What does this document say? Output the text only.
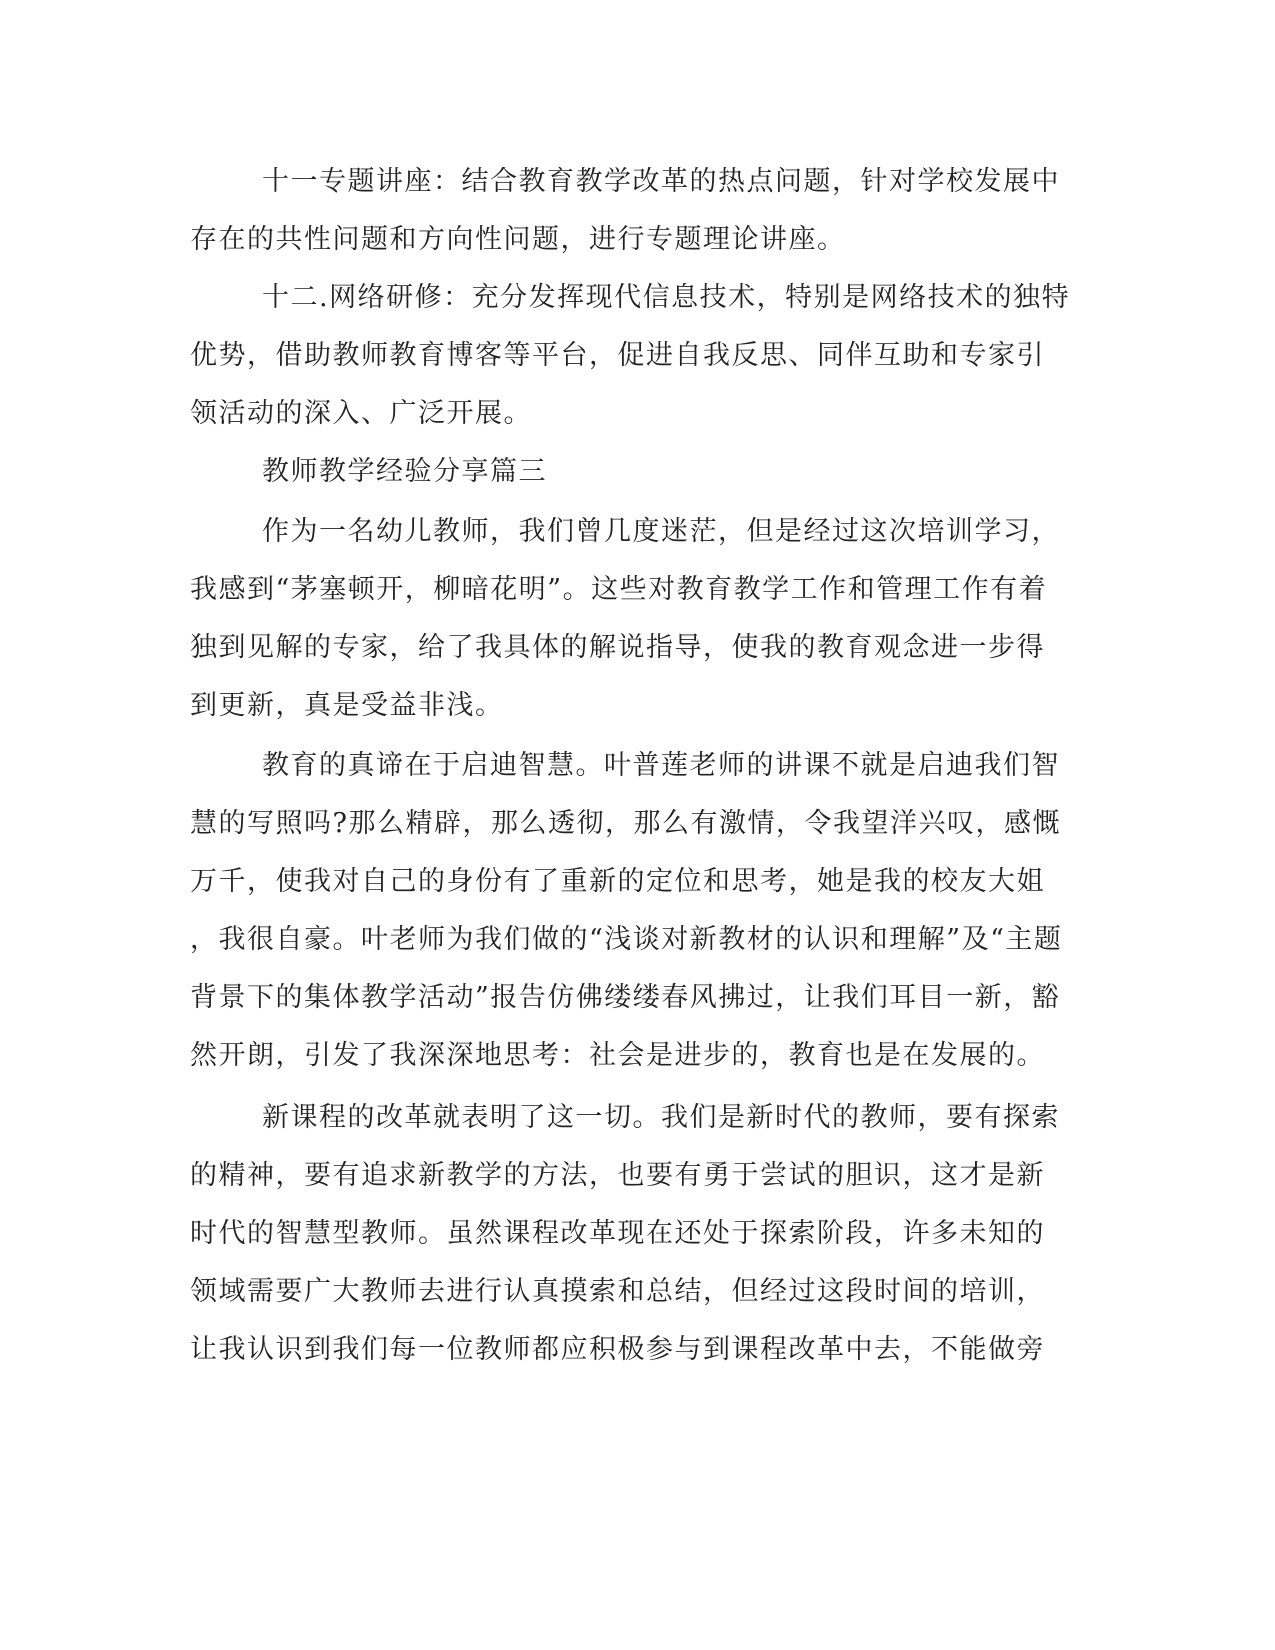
十一专题讲座：结合教育教学改革的热点问题，针对学校发展中
存在的共性问题和方向性问题，进行专题理论讲座。
十二.网络研修：充分发挥现代信息技术，特别是网络技术的独特
优势，借助教师教育博客等平台，促进自我反思、同伴互助和专家引
领活动的深入、广泛开展。
教师教学经验分享篇三
作为一名幼儿教师，我们曾几度迷茫，但是经过这次培训学习，
我感到“茅塞顿开，柳暗花明”。这些对教育教学工作和管理工作有着
独到见解的专家，给了我具体的解说指导，使我的教育观念进一步得
到更新，真是受益非浅。
教育的真谛在于启迪智慧。叶普莲老师的讲课不就是启迪我们智
慧的写照吗?那么精辟，那么透彻，那么有激情，令我望洋兴叹，感慨
万千，使我对自己的身份有了重新的定位和思考，她是我的校友大姐
，我很自豪。叶老师为我们做的“浅谈对新教材的认识和理解”及“主题
背景下的集体教学活动”报告仿佛缕缕春风拂过，让我们耳目一新，豁
然开朗，引发了我深深地思考：社会是进步的，教育也是在发展的。
新课程的改革就表明了这一切。我们是新时代的教师，要有探索
的精神，要有追求新教学的方法，也要有勇于尝试的胆识，这才是新
时代的智慧型教师。虽然课程改革现在还处于探索阶段，许多未知的
领域需要广大教师去进行认真摸索和总结，但经过这段时间的培训，
让我认识到我们每一位教师都应积极参与到课程改革中去，不能做旁
